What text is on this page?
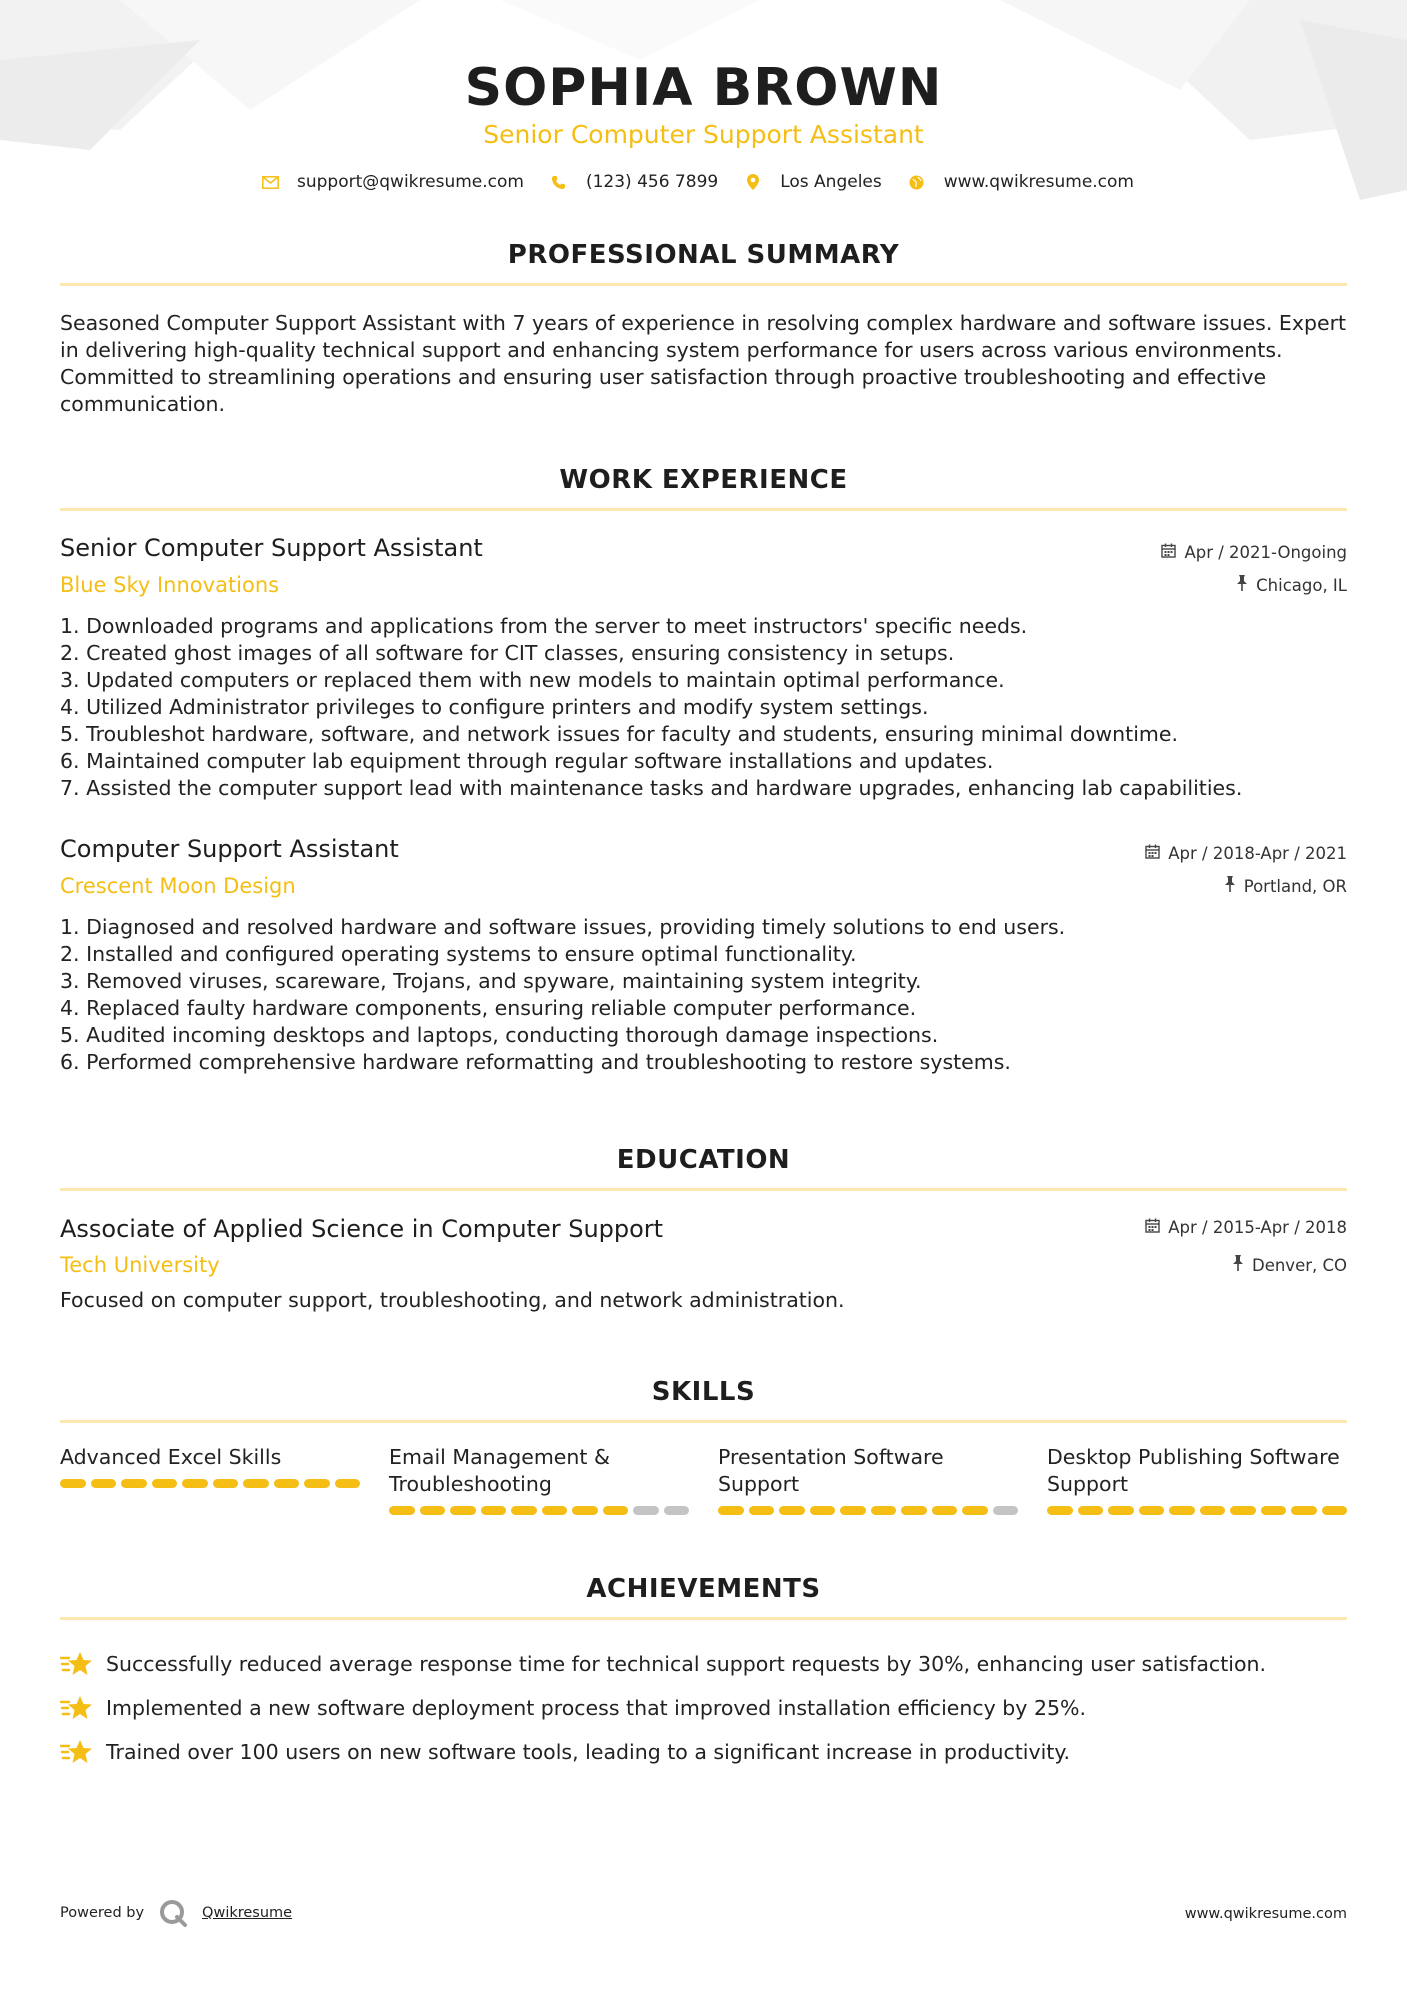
SOPHIA BROWN
Senior Computer Support Assistant
support@qwikresume.com	(123) 456 7899	Los Angeles	www.qwikresume.com
PROFESSIONAL SUMMARY
Seasoned Computer Support Assistant with 7 years of experience in resolving complex hardware and software issues. Expert in delivering high-quality technical support and enhancing system performance for users across various environments. Committed to streamlining operations and ensuring user satisfaction through proactive troubleshooting and effective communication.
WORK EXPERIENCE
Senior Computer Support Assistant
Blue Sky Innovations
Apr / 2021-Ongoing
Chicago, IL
1. Downloaded programs and applications from the server to meet instructors' specific needs.
2. Created ghost images of all software for CIT classes, ensuring consistency in setups.
3. Updated computers or replaced them with new models to maintain optimal performance.
4. Utilized Administrator privileges to configure printers and modify system settings.
5. Troubleshot hardware, software, and network issues for faculty and students, ensuring minimal downtime.
6. Maintained computer lab equipment through regular software installations and updates.
7. Assisted the computer support lead with maintenance tasks and hardware upgrades, enhancing lab capabilities.
Computer Support Assistant
Crescent Moon Design
Apr / 2018-Apr / 2021
Portland, OR
1. Diagnosed and resolved hardware and software issues, providing timely solutions to end users.
2. Installed and configured operating systems to ensure optimal functionality.
3. Removed viruses, scareware, Trojans, and spyware, maintaining system integrity.
4. Replaced faulty hardware components, ensuring reliable computer performance.
5. Audited incoming desktops and laptops, conducting thorough damage inspections.
6. Performed comprehensive hardware reformatting and troubleshooting to restore systems.
EDUCATION
Associate of Applied Science in Computer Support
Tech University
Apr / 2015-Apr / 2018
Denver, CO
Focused on computer support, troubleshooting, and network administration.
SKILLS
Advanced Excel Skills	Email Management &
Troubleshooting
Presentation Software
Support
Desktop Publishing Software
Support
ACHIEVEMENTS
Successfully reduced average response time for technical support requests by 30%, enhancing user satisfaction.
Implemented a new software deployment process that improved installation efficiency by 25%.
Trained over 100 users on new software tools, leading to a significant increase in productivity.
Powered by	Qwikresume	www.qwikresume.com
